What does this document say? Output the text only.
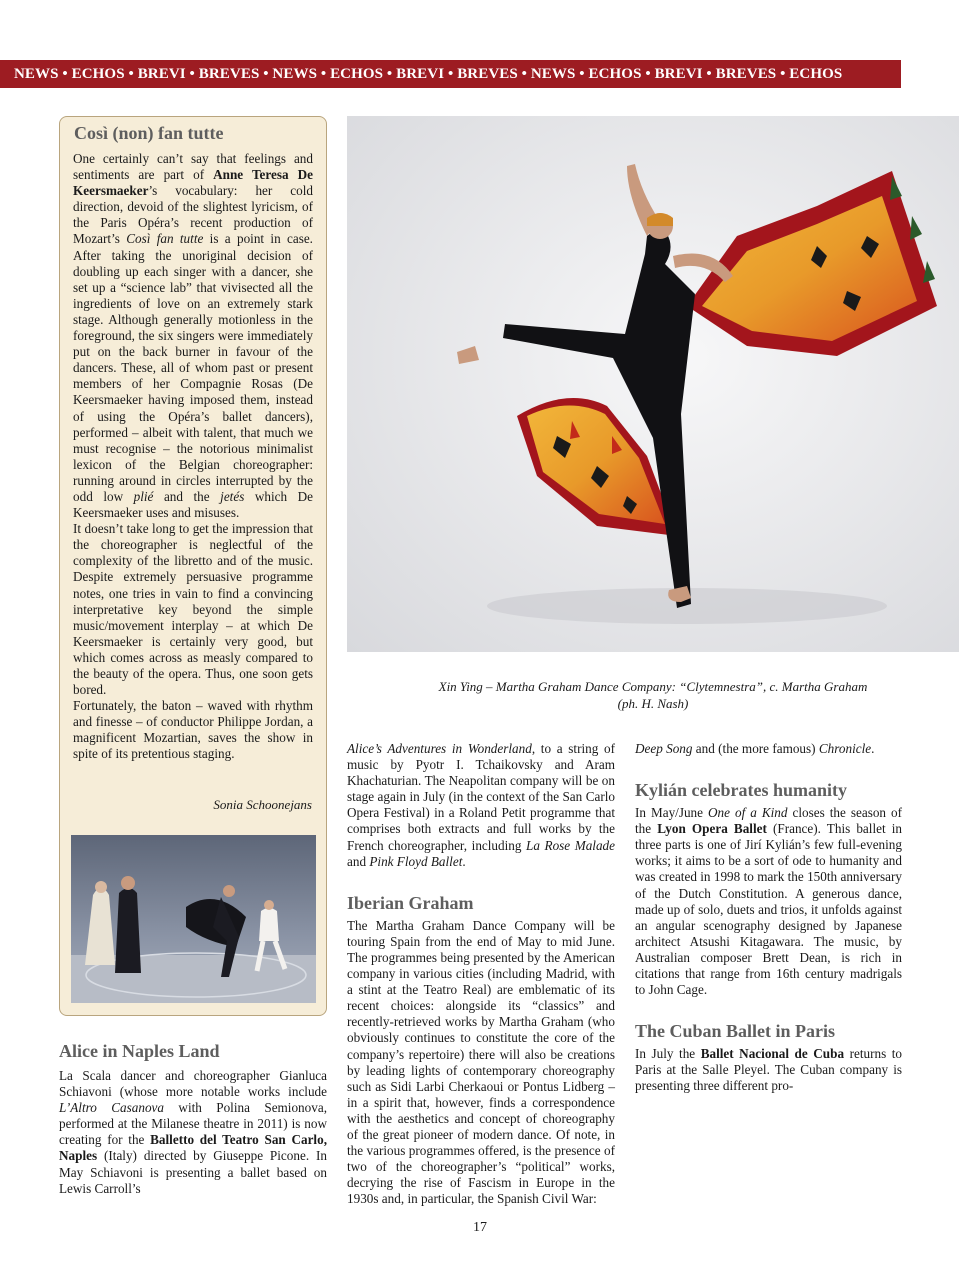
NEWS • ECHOS • BREVI • BREVES • NEWS • ECHOS • BREVI • BREVES • NEWS • ECHOS • BREVI • BREVES • ECHOS
Così (non) fan tutte

One certainly can’t say that feelings and sentiments are part of Anne Teresa De Keersmaeker’s vocabulary: her cold direction, devoid of the slightest lyricism, of the Paris Opéra’s recent production of Mozart’s Così fan tutte is a point in case. After taking the unoriginal decision of doubling up each singer with a dancer, she set up a “science lab” that vivisected all the ingredients of love on an extremely stark stage. Although generally motionless in the foreground, the six singers were immediately put on the back burner in favour of the dancers. These, all of whom past or present members of her Compagnie Rosas (De Keersmaeker having imposed them, instead of using the Opéra’s ballet dancers), performed – albeit with talent, that much we must recognise – the notorious minimalist lexicon of the Belgian choreographer: running around in circles interrupted by the odd low plié and the jetés which De Keersmaeker uses and misuses.

It doesn’t take long to get the impression that the choreographer is neglectful of the complexity of the libretto and of the music. Despite extremely persuasive programme notes, one tries in vain to find a convincing interpretative key beyond the simple music/movement interplay – at which De Keersmaeker is certainly very good, but which comes across as measly compared to the beauty of the opera. Thus, one soon gets bored.

Fortunately, the baton – waved with rhythm and finesse – of conductor Philippe Jordan, a magnificent Mozartian, saves the show in spite of its pretentious staging.

Sonia Schoonejans
Xin Ying – Martha Graham Dance Company: “Clytemnestra”, c. Martha Graham
(ph. H. Nash)
Alice in Naples Land

La Scala dancer and choreographer Gianluca Schiavoni (whose more notable works include L’Altro Casanova with Polina Semionova, performed at the Milanese theatre in 2011) is now creating for the Balletto del Teatro San Carlo, Naples (Italy) directed by Giuseppe Picone. In May Schiavoni is presenting a ballet based on Lewis Carroll’s

Alice’s Adventures in Wonderland, to a string of music by Pyotr I. Tchaikovsky and Aram Khachaturian. The Neapolitan company will be on stage again in July (in the context of the San Carlo Opera Festival) in a Roland Petit programme that comprises both extracts and full works by the French choreographer, including La Rose Malade and Pink Floyd Ballet.

Iberian Graham

The Martha Graham Dance Company will be touring Spain from the end of May to mid June. The programmes being presented by the American company in various cities (including Madrid, with a stint at the Teatro Real) are emblematic of its recent choices: alongside its “classics” and recently-retrieved works by Martha Graham (who obviously continues to constitute the core of the company’s repertoire) there will also be creations by leading lights of contemporary choreography such as Sidi Larbi Cherkaoui or Pontus Lidberg – in a spirit that, however, finds a correspondence with the aesthetics and concept of choreography of the great pioneer of modern dance. Of note, in the various programmes offered, is the presence of two of the choreographer’s “political” works, decrying the rise of Fascism in Europe in the 1930s and, in particular, the Spanish Civil War:

Deep Song and (the more famous) Chronicle.

Kylián celebrates humanity

In May/June One of a Kind closes the season of the Lyon Opera Ballet (France). This ballet in three parts is one of Jirí Kylián’s few full-evening works; it aims to be a sort of ode to humanity and was created in 1998 to mark the 150th anniversary of the Dutch Constitution. A generous dance, made up of solo, duets and trios, it unfolds against an angular scenography designed by Japanese architect Atsushi Kitagawara. The music, by Australian composer Brett Dean, is rich in citations that range from 16th century madrigals to John Cage.

The Cuban Ballet in Paris

In July the Ballet Nacional de Cuba returns to Paris at the Salle Pleyel. The Cuban company is presenting three different pro-

17
